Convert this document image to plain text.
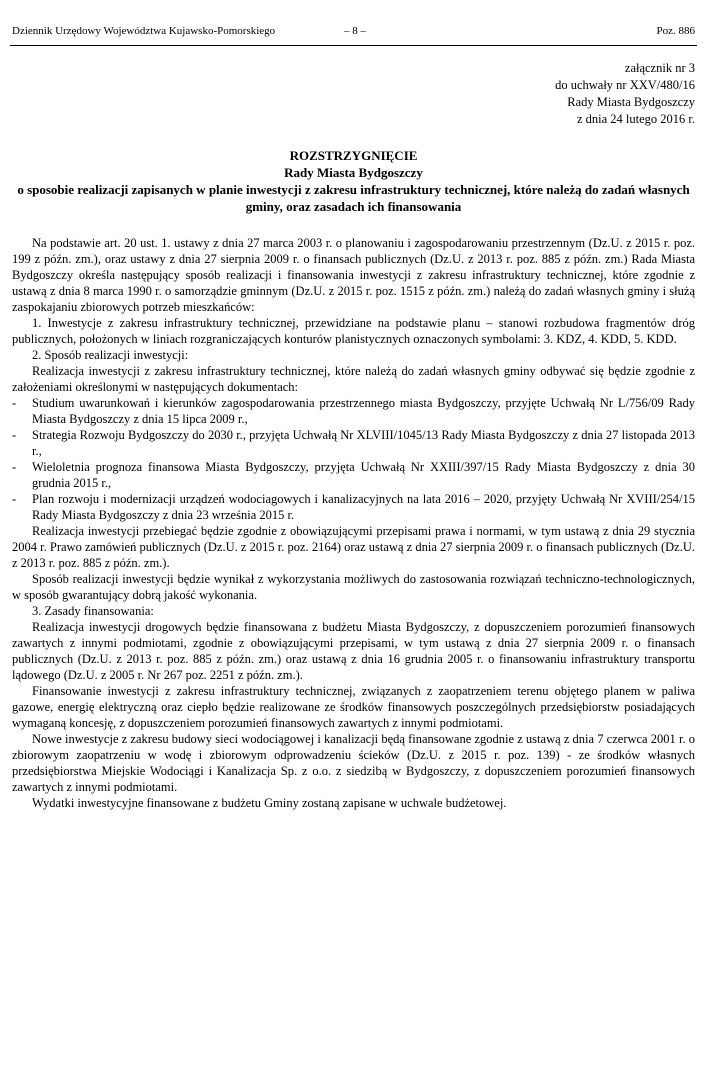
Dziennik Urzędowy Województwa Kujawsko-Pomorskiego	– 8 –	Poz. 886
załącznik nr 3
do uchwały nr XXV/480/16
Rady Miasta Bydgoszczy
z dnia 24 lutego 2016 r.
ROZSTRZYGNIĘCIE
Rady Miasta Bydgoszczy
o sposobie realizacji zapisanych w planie inwestycji z zakresu infrastruktury technicznej, które należą do zadań własnych gminy, oraz zasadach ich finansowania

Na podstawie art. 20 ust. 1. ustawy z dnia 27 marca 2003 r. o planowaniu i zagospodarowaniu przestrzennym (Dz.U. z 2015 r. poz. 199 z późn. zm.), oraz ustawy z dnia 27 sierpnia 2009 r. o finansach publicznych (Dz.U. z 2013 r. poz. 885 z późn. zm.) Rada Miasta Bydgoszczy określa następujący sposób realizacji i finansowania inwestycji z zakresu infrastruktury technicznej, które zgodnie z ustawą z dnia 8 marca 1990 r. o samorządzie gminnym (Dz.U. z 2015 r. poz. 1515 z późn. zm.) należą do zadań własnych gminy i służą zaspokajaniu zbiorowych potrzeb mieszkańców:

1. Inwestycje z zakresu infrastruktury technicznej, przewidziane na podstawie planu – stanowi rozbudowa fragmentów dróg publicznych, położonych w liniach rozgraniczających konturów planistycznych oznaczonych symbolami: 3. KDZ, 4. KDD, 5. KDD.

2. Sposób realizacji inwestycji:

Realizacja inwestycji z zakresu infrastruktury technicznej, które należą do zadań własnych gminy odbywać się będzie zgodnie z założeniami określonymi w następujących dokumentach:

- Studium uwarunkowań i kierunków zagospodarowania przestrzennego miasta Bydgoszczy, przyjęte Uchwałą Nr L/756/09 Rady Miasta Bydgoszczy z dnia 15 lipca 2009 r.,
- Strategia Rozwoju Bydgoszczy do 2030 r., przyjęta Uchwałą Nr XLVIII/1045/13 Rady Miasta Bydgoszczy z dnia 27 listopada 2013 r.,
- Wieloletnia prognoza finansowa Miasta Bydgoszczy, przyjęta Uchwałą Nr XXIII/397/15 Rady Miasta Bydgoszczy z dnia 30 grudnia 2015 r.,
- Plan rozwoju i modernizacji urządzeń wodociagowych i kanalizacyjnych na lata 2016 – 2020, przyjęty Uchwałą Nr XVIII/254/15 Rady Miasta Bydgoszczy z dnia 23 września 2015 r.

Realizacja inwestycji przebiegać będzie zgodnie z obowiązującymi przepisami prawa i normami, w tym ustawą z dnia 29 stycznia 2004 r. Prawo zamówień publicznych (Dz.U. z 2015 r. poz. 2164) oraz ustawą z dnia 27 sierpnia 2009 r. o finansach publicznych (Dz.U. z 2013 r. poz. 885 z późn. zm.).

Sposób realizacji inwestycji będzie wynikał z wykorzystania możliwych do zastosowania rozwiązań techniczno-technologicznych, w sposób gwarantujący dobrą jakość wykonania.

3. Zasady finansowania:

Realizacja inwestycji drogowych będzie finansowana z budżetu Miasta Bydgoszczy, z dopuszczeniem porozumień finansowych zawartych z innymi podmiotami, zgodnie z obowiązującymi przepisami, w tym ustawą z dnia 27 sierpnia 2009 r. o finansach publicznych (Dz.U. z 2013 r. poz. 885 z późn. zm.) oraz ustawą z dnia 16 grudnia 2005 r. o finansowaniu infrastruktury transportu lądowego (Dz.U. z 2005 r. Nr 267 poz. 2251 z późn. zm.).

Finansowanie inwestycji z zakresu infrastruktury technicznej, związanych z zaopatrzeniem terenu objętego planem w paliwa gazowe, energię elektryczną oraz ciepło będzie realizowane ze środków finansowych poszczególnych przedsiębiorstw posiadających wymaganą koncesję, z dopuszczeniem porozumień finansowych zawartych z innymi podmiotami.

Nowe inwestycje z zakresu budowy sieci wodociągowej i kanalizacji będą finansowane zgodnie z ustawą z dnia 7 czerwca 2001 r. o zbiorowym zaopatrzeniu w wodę i zbiorowym odprowadzeniu ścieków (Dz.U. z 2015 r. poz. 139) - ze środków własnych przedsiębiorstwa Miejskie Wodociągi i Kanalizacja Sp. z o.o. z siedzibą w Bydgoszczy, z dopuszczeniem porozumień finansowych zawartych z innymi podmiotami.

Wydatki inwestycyjne finansowane z budżetu Gminy zostaną zapisane w uchwale budżetowej.
